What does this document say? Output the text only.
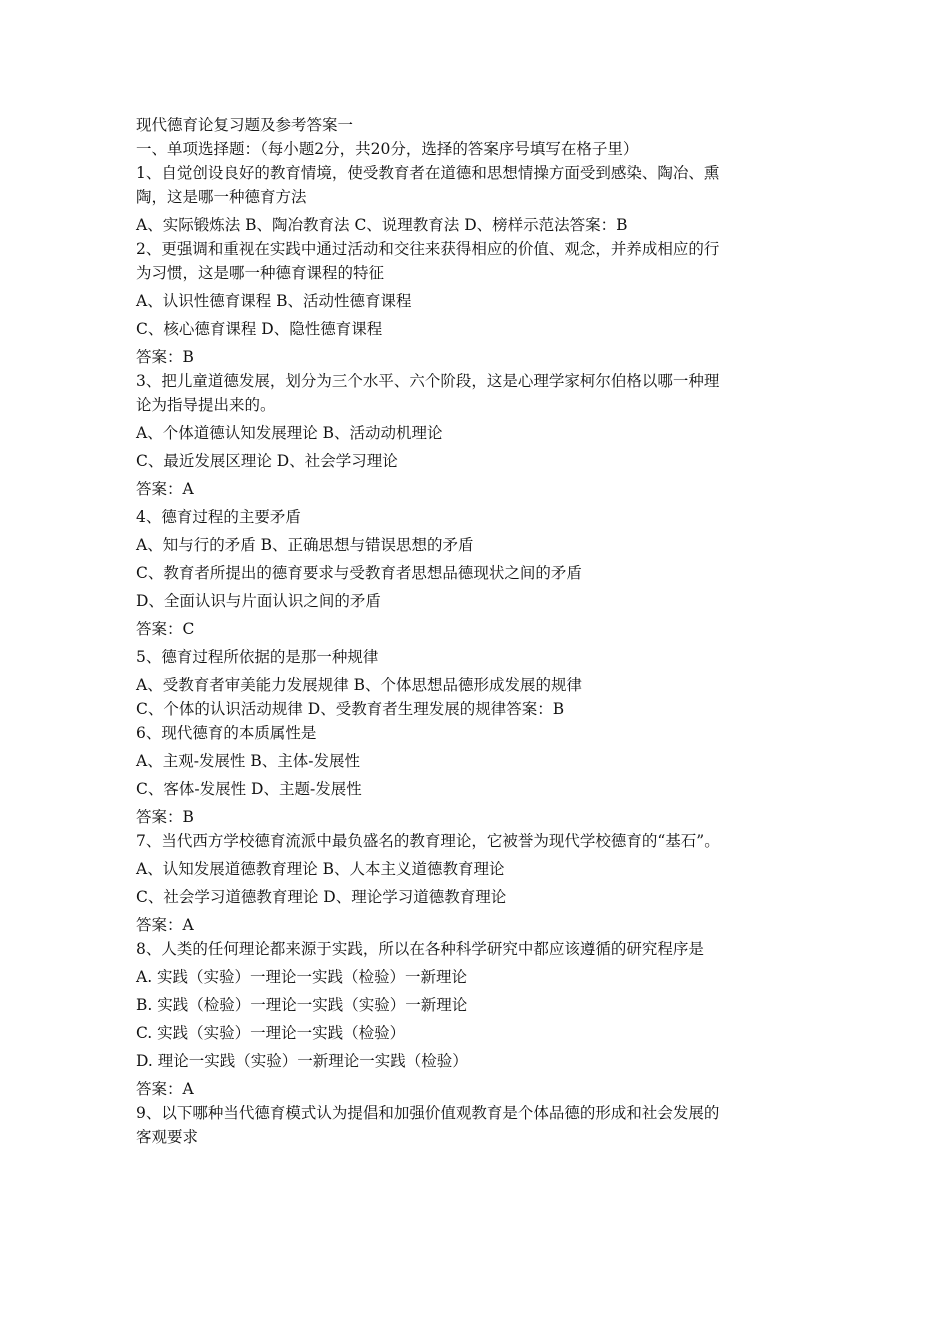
现代德育论复习题及参考答案一

一、单项选择题：（每小题2分，共20分，选择的答案序号填写在格子里）

1、自觉创设良好的教育情境，使受教育者在道德和思想情操方面受到感染、陶冶、熏陶，这是哪一种德育方法

A、实际锻炼法 B、陶冶教育法 C、说理教育法 D、榜样示范法答案：B

2、更强调和重视在实践中通过活动和交往来获得相应的价值、观念，并养成相应的行为习惯，这是哪一种德育课程的特征

A、认识性德育课程 B、活动性德育课程

C、核心德育课程 D、隐性德育课程

答案：B

3、把儿童道德发展，划分为三个水平、六个阶段，这是心理学家柯尔伯格以哪一种理论为指导提出来的。

A、个体道德认知发展理论 B、活动动机理论

C、最近发展区理论 D、社会学习理论

答案：A

4、德育过程的主要矛盾

A、知与行的矛盾 B、正确思想与错误思想的矛盾

C、教育者所提出的德育要求与受教育者思想品德现状之间的矛盾

D、全面认识与片面认识之间的矛盾

答案：C

5、德育过程所依据的是那一种规律

A、受教育者审美能力发展规律 B、个体思想品德形成发展的规律

C、个体的认识活动规律 D、受教育者生理发展的规律答案：B

6、现代德育的本质属性是

A、主观-发展性 B、主体-发展性

C、客体-发展性 D、主题-发展性

答案：B

7、当代西方学校德育流派中最负盛名的教育理论，它被誉为现代学校德育的“基石”。

A、认知发展道德教育理论 B、人本主义道德教育理论

C、社会学习道德教育理论 D、理论学习道德教育理论

答案：A

8、人类的任何理论都来源于实践，所以在各种科学研究中都应该遵循的研究程序是

A. 实践（实验）一理论一实践（检验）一新理论

B. 实践（检验）一理论一实践（实验）一新理论

C. 实践（实验）一理论一实践（检验）

D. 理论一实践（实验）一新理论一实践（检验）

答案：A

9、以下哪种当代德育模式认为提倡和加强价值观教育是个体品德的形成和社会发展的客观要求
